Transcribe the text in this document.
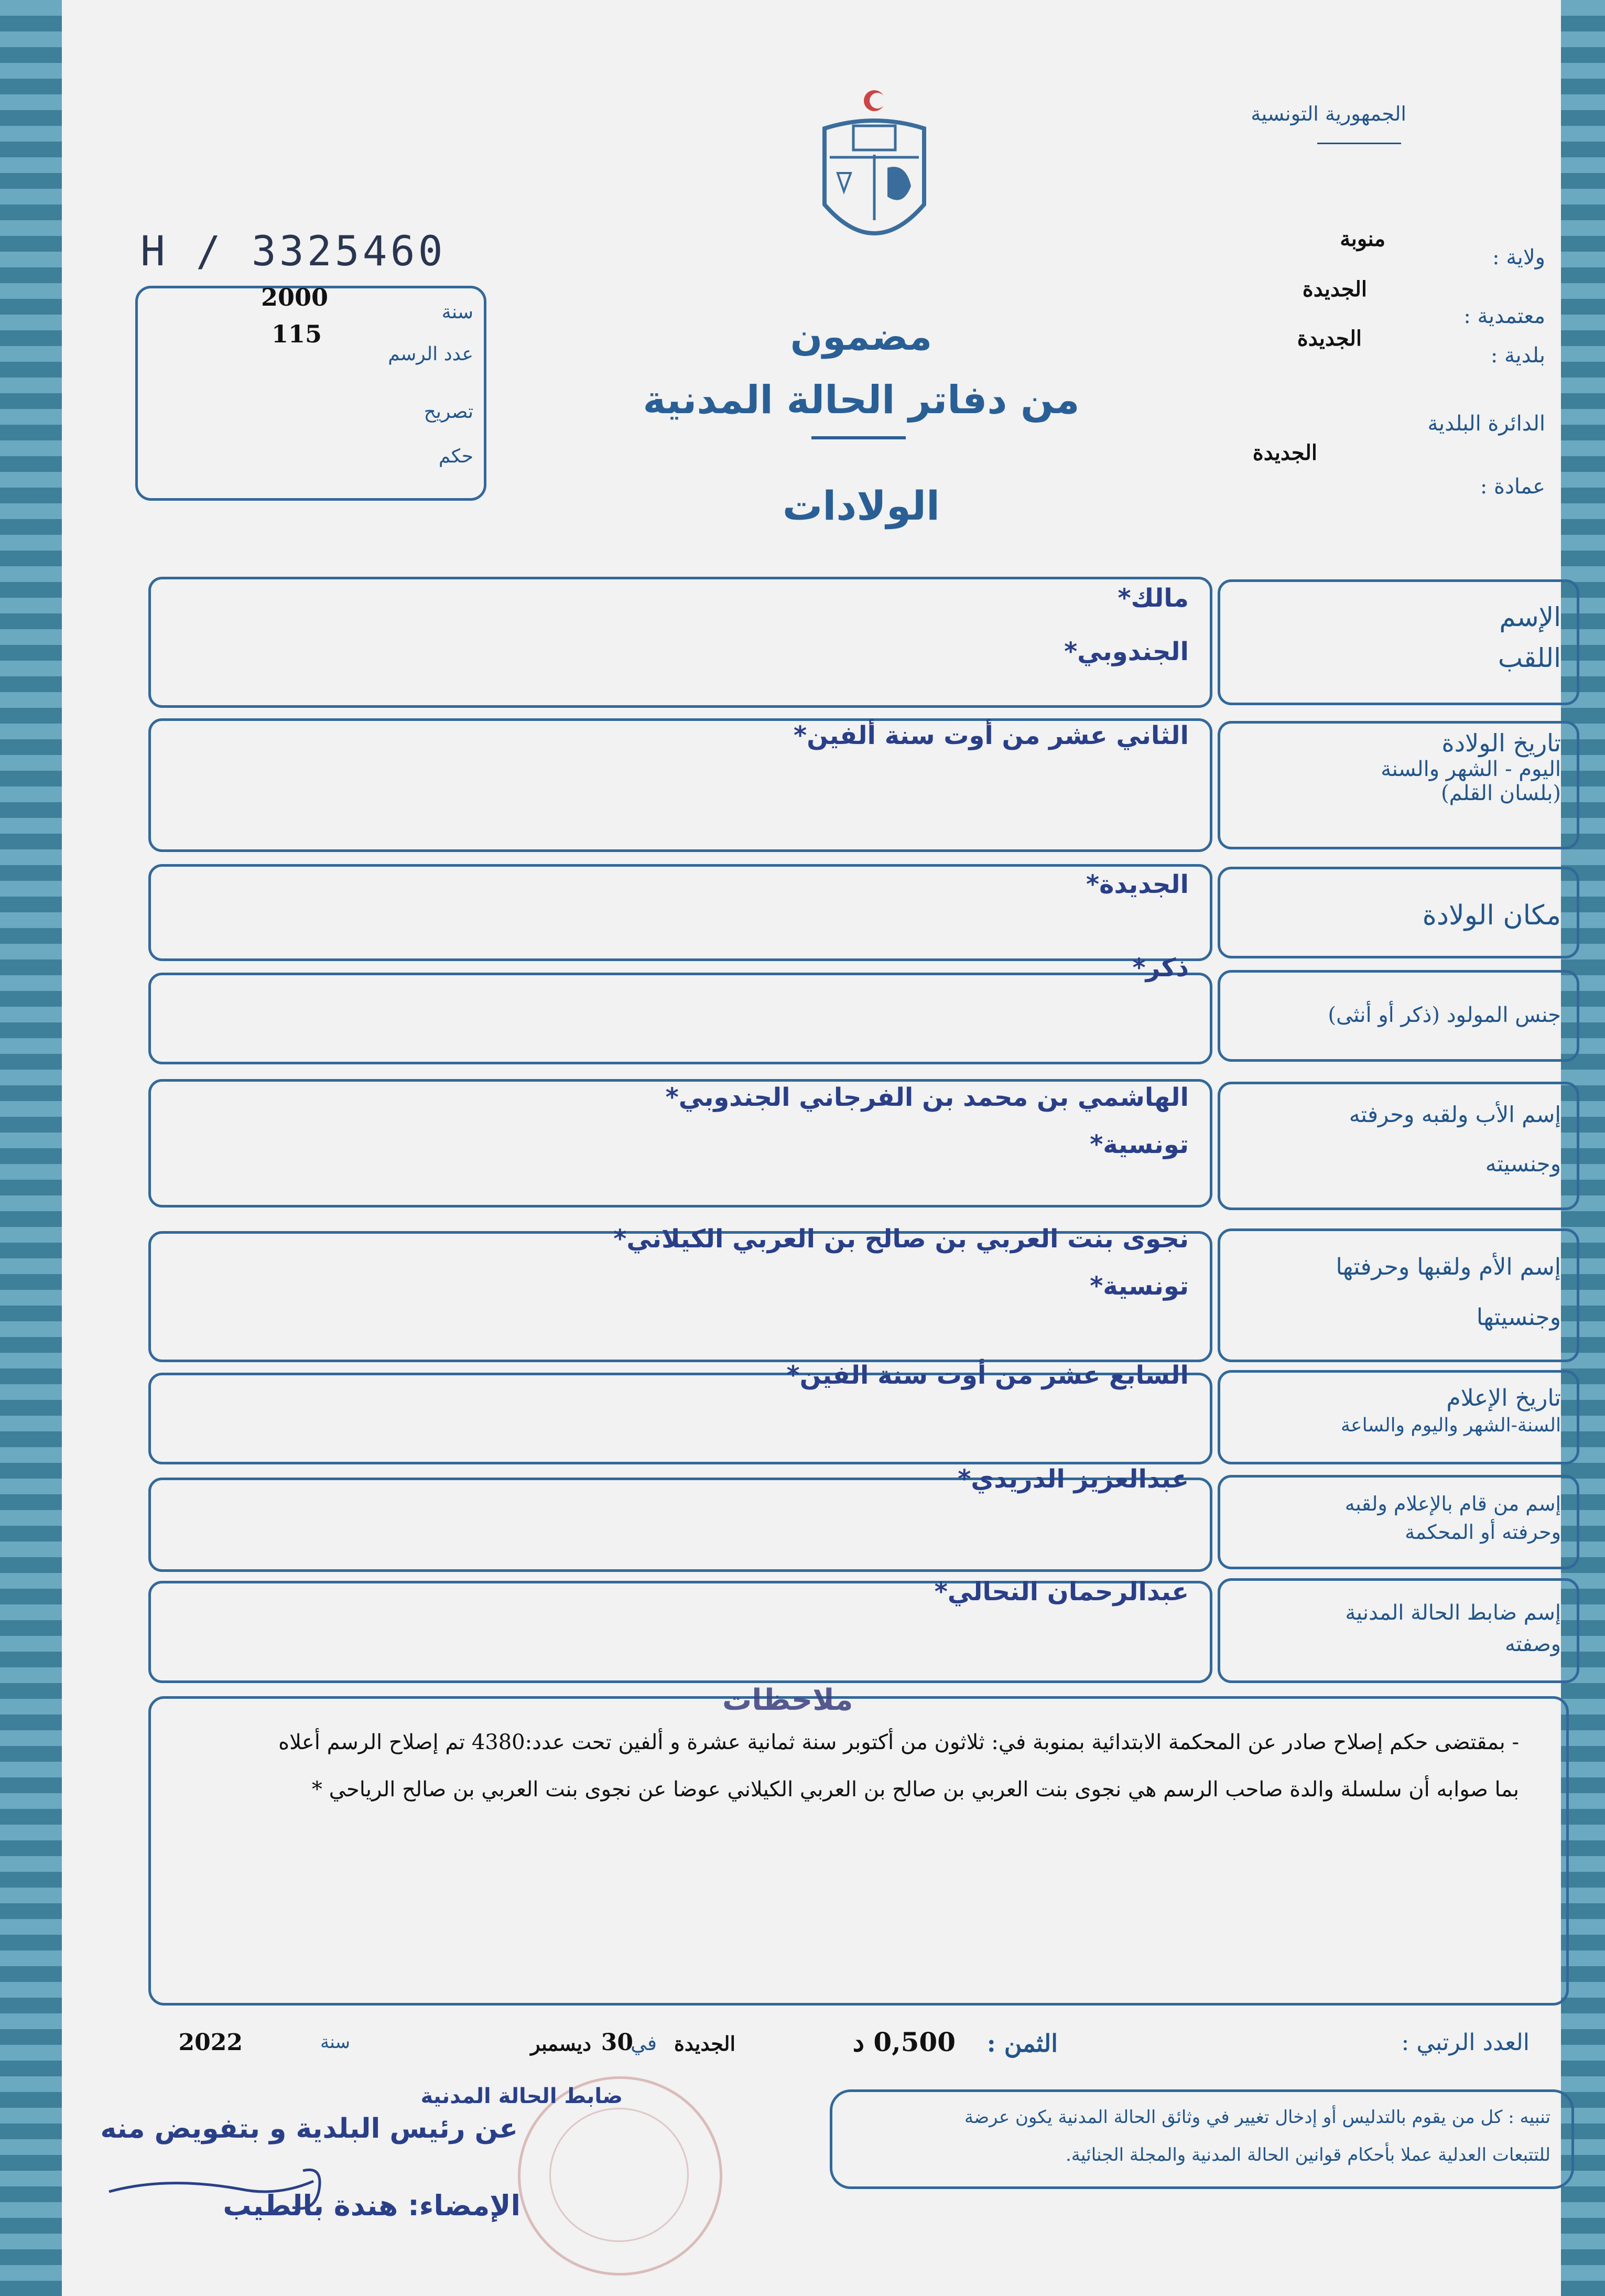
H / 3325460
2000
سنة
115
عدد الرسم
تصريح
حكم
الجمهورية التونسية
ولاية :
منوبة
الجديدة
معتمدية :
الجديدة
بلدية :
الدائرة البلدية
الجديدة
عمادة :
مضمون
من دفاتر الحالة المدنية
الولادات
مالك*
الجندوبي*
الإسم
اللقب
الثاني عشر من أوت سنة ألفين*	تاريخ الولادة
اليوم - الشهر والسنة
(بلسان القلم)
الجديدة*
مكان الولادة
ذكر*
جنس المولود (ذكر أو أنثى)
الهاشمي بن محمد بن الفرجاني الجندوبي*
تونسية*
إسم الأب ولقبه وحرفته
وجنسيته
نجوى بنت العربي بن صالح بن العربي الكيلاني*
تونسية*
إسم الأم ولقبها وحرفتها
وجنسيتها
السابع عشر من أوت سنة الفين*
تاريخ الإعلام
السنة-الشهر واليوم والساعة
عبدالعزيز الدريدي*
إسم من قام بالإعلام ولقبه
وحرفته أو المحكمة
عبدالرحمان النحالي*
إسم ضابط الحالة المدنية
وصفته
ملاحظات
- بمقتضى حكم إصلاح صادر عن المحكمة الابتدائية بمنوبة في: ثلاثون من أكتوبر سنة ثمانية عشرة و ألفين تحت عدد:4380 تم إصلاح الرسم أعلاه
بما صوابه أن سلسلة والدة صاحب الرسم هي نجوى بنت العربي بن صالح بن العربي الكيلاني عوضا عن نجوى بنت العربي بن صالح الرياحي *
العدد الرتبي :
الثمن :
0,500 د
الجديدة
في
30
ديسمبر
سنة
2022
ضابط الحالة المدنية
عن رئيس البلدية و بتفويض منه
الإمضاء: هندة بالطيب
تنبيه : كل من يقوم بالتدليس أو إدخال تغيير في وثائق الحالة المدنية يكون عرضة
للتتبعات العدلية عملا بأحكام قوانين الحالة المدنية والمجلة الجنائية.
